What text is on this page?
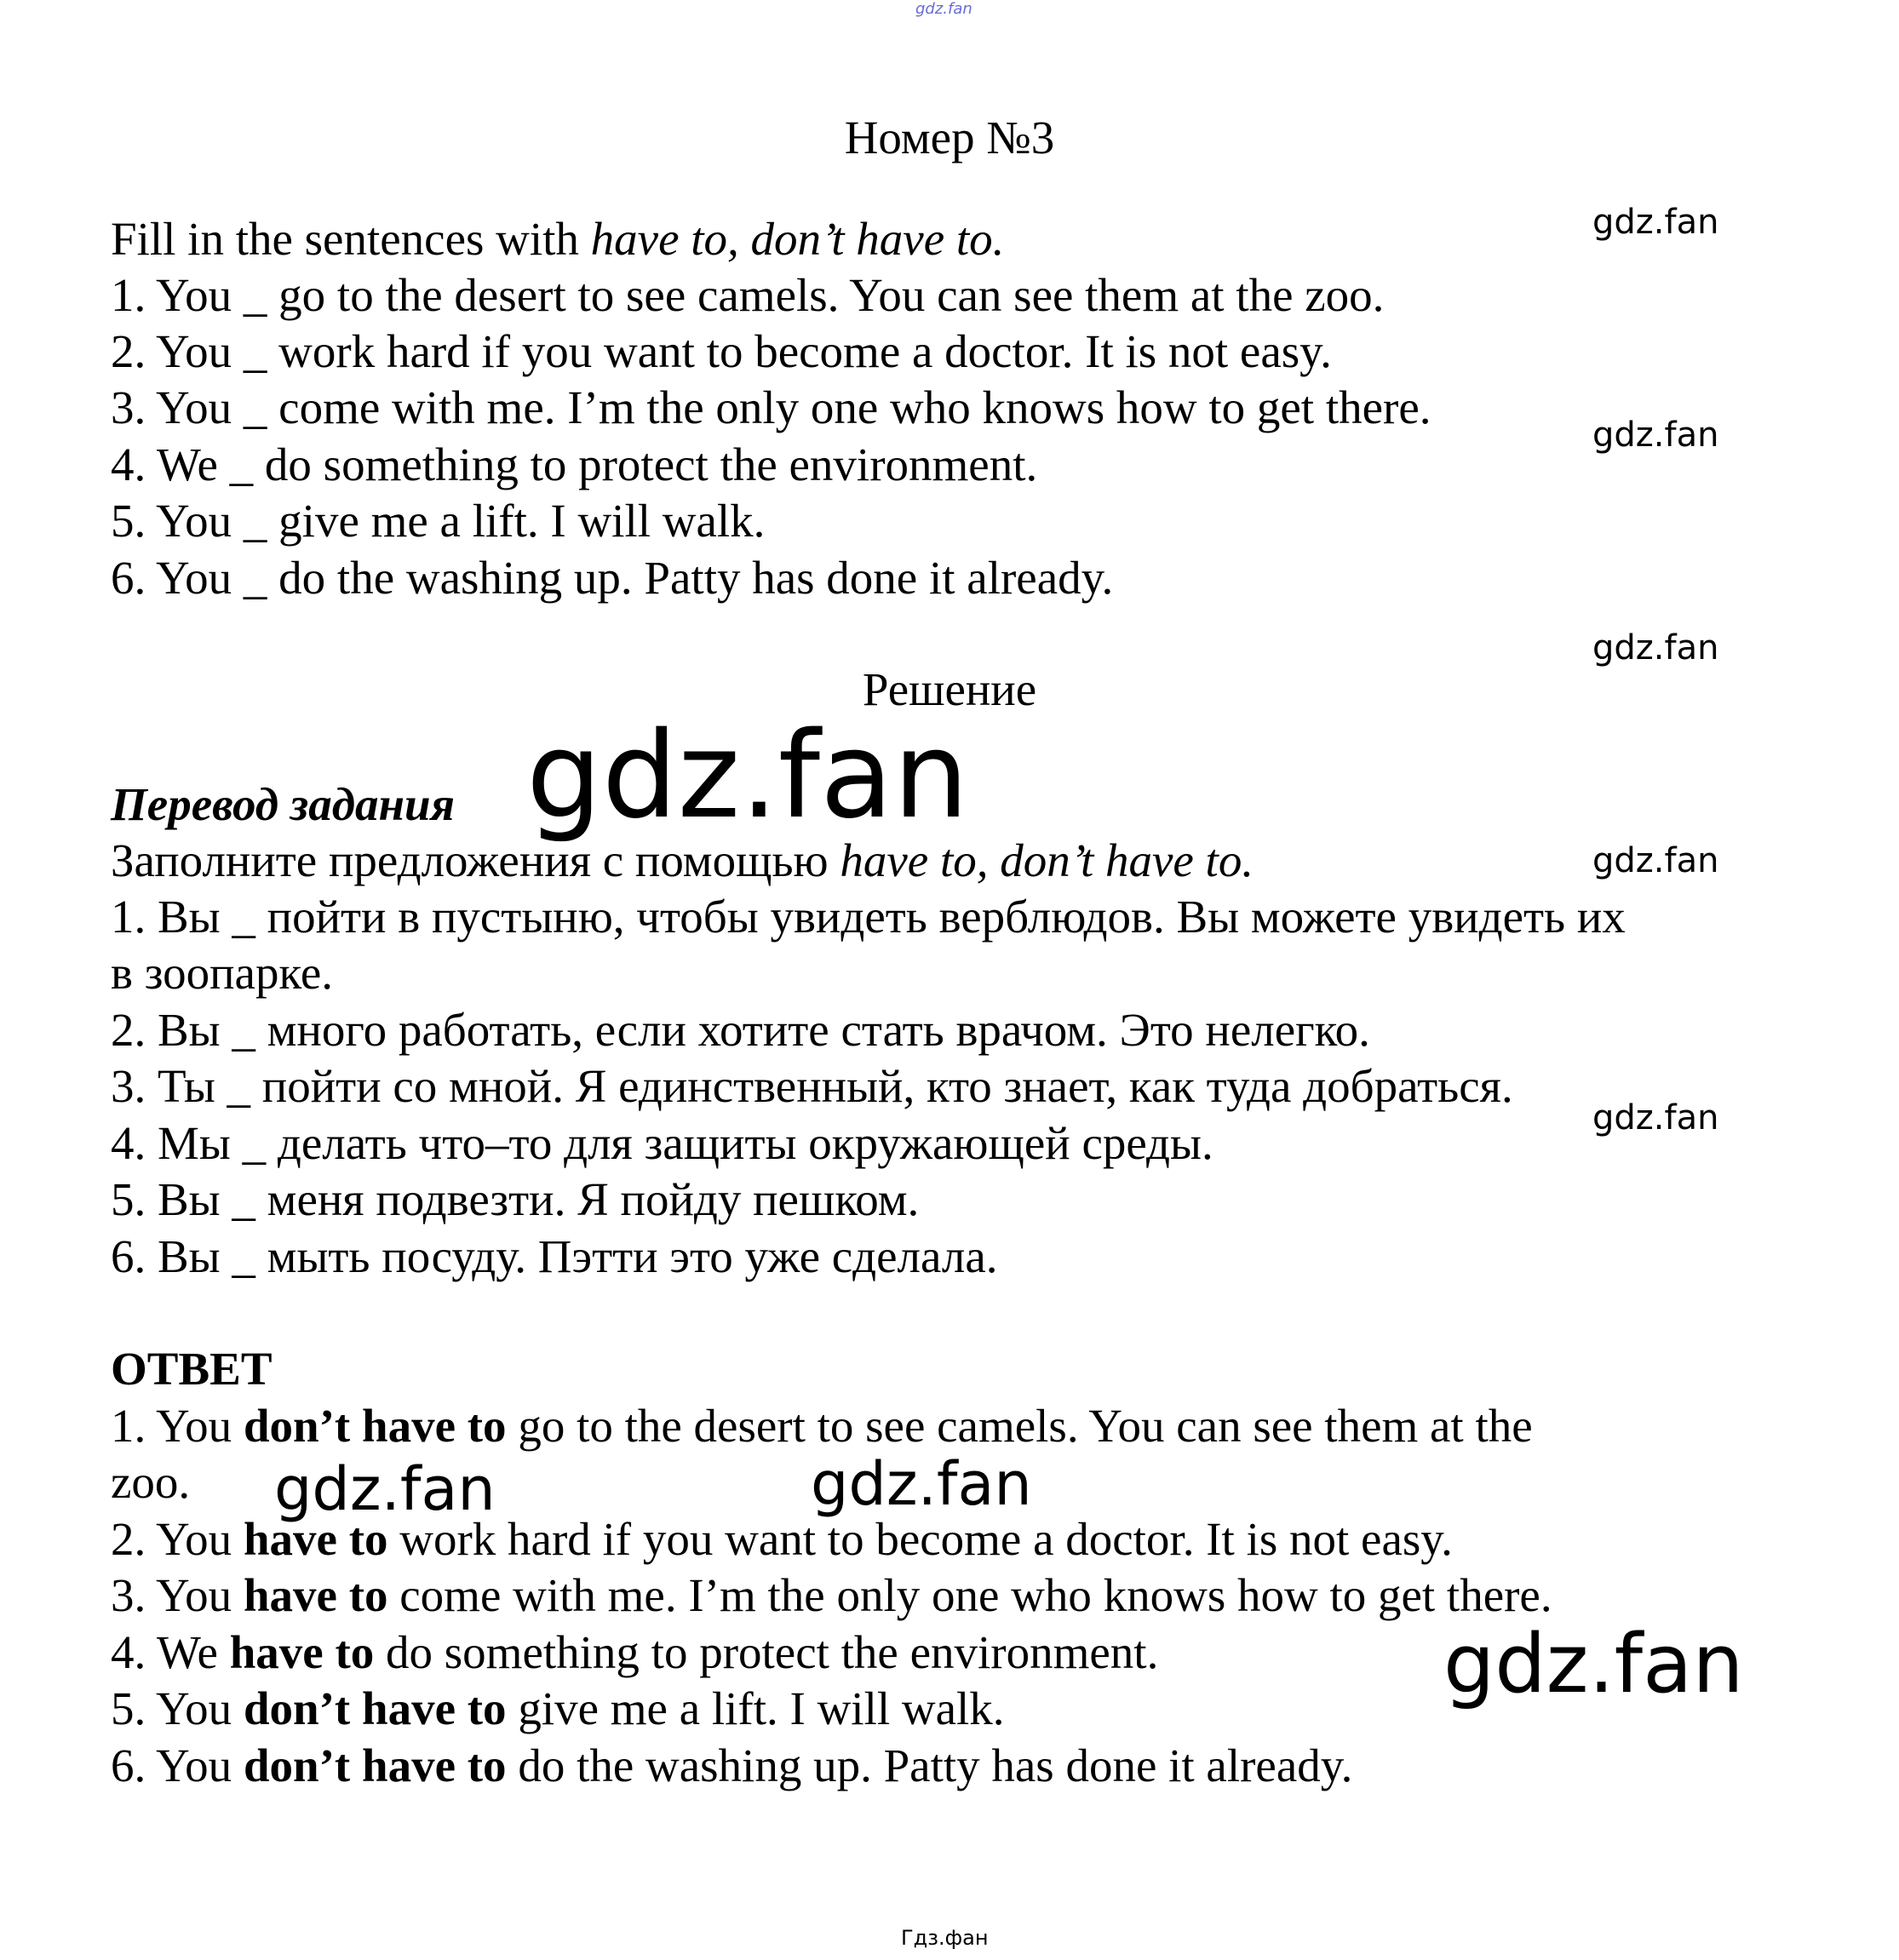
gdz.fan
Номер №3
Fill in the sentences with have to, don’t have to.
1. You _ go to the desert to see camels. You can see them at the zoo.
2. You _ work hard if you want to become a doctor. It is not easy.
3. You _ come with me. I’m the only one who knows how to get there.
4. We _ do something to protect the environment.
5. You _ give me a lift. I will walk.
6. You _ do the washing up. Patty has done it already.
gdz.fan
gdz.fan
gdz.fan
gdz.fan
gdz.fan
Решение
gdz.fan
Перевод задания
Заполните предложения с помощью have to, don’t have to.
1. Вы _ пойти в пустыню, чтобы увидеть верблюдов. Вы можете увидеть их
в зоопарке.
2. Вы _ много работать, если хотите стать врачом. Это нелегко.
3. Ты _ пойти со мной. Я единственный, кто знает, как туда добраться.
4. Мы _ делать что–то для защиты окружающей среды.
5. Вы _ меня подвезти. Я пойду пешком.
6. Вы _ мыть посуду. Пэтти это уже сделала.
ОТВЕТ
1. You don’t have to go to the desert to see camels. You can see them at the
zoo. gdz.fan	gdz.fan
2. You have to work hard if you want to become a doctor. It is not easy.
3. You have to come with me. I’m the only one who knows how to get there.
4. We have to do something to protect the environment.
5. You don’t have to give me a lift. I will walk.
6. You don’t have to do the washing up. Patty has done it already.
gdz.fan
Гдз.фан
